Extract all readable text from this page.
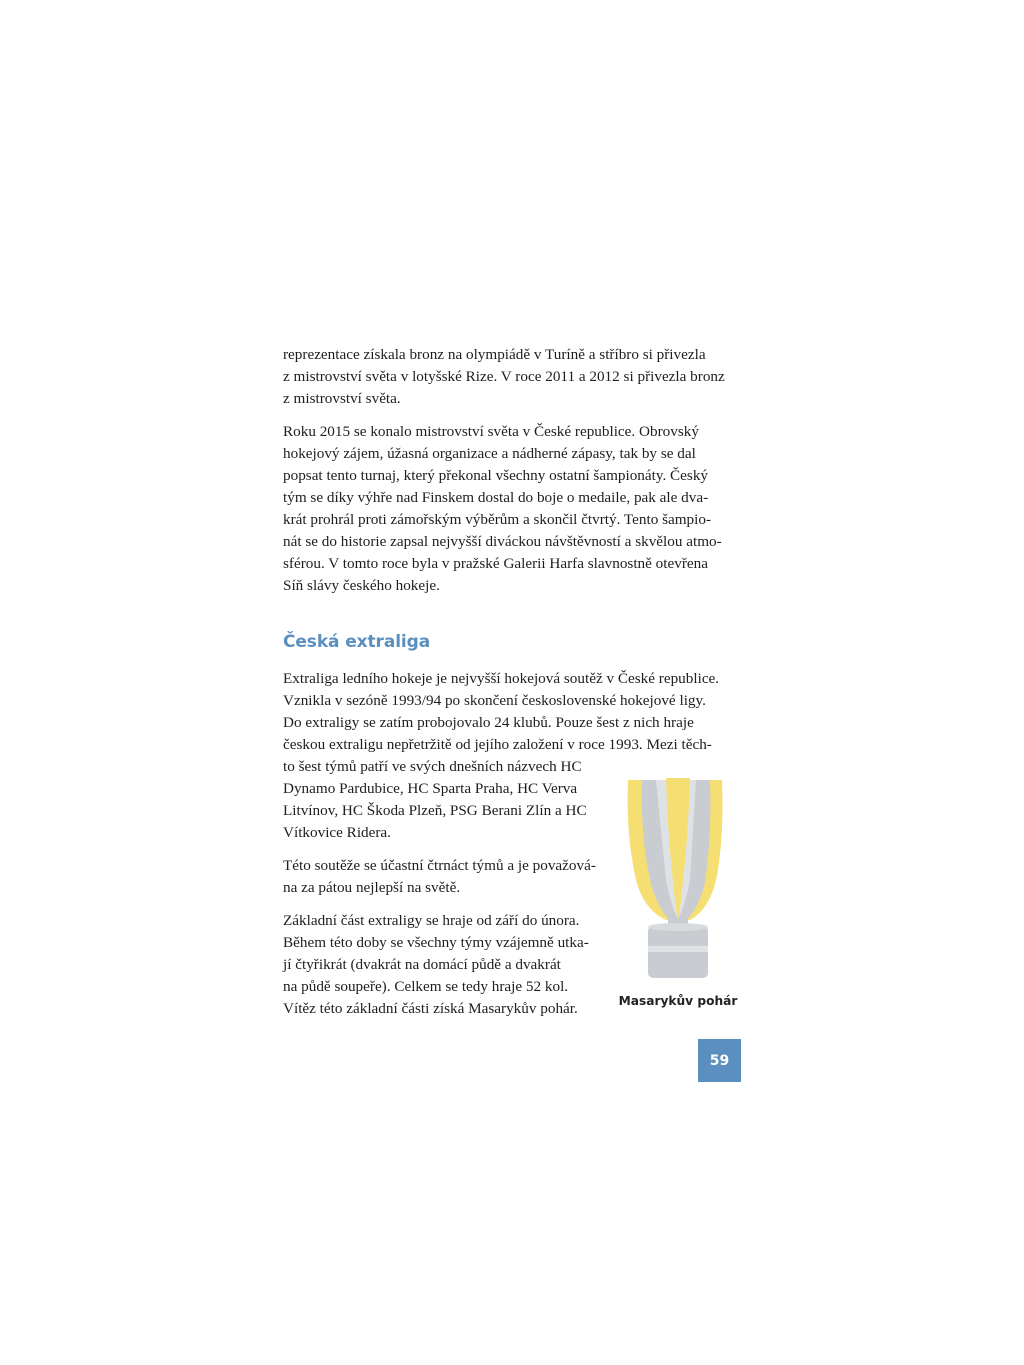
reprezentace získala bronz na olympiádě v Turíně a stříbro si přivezla
z mistrovství světa v lotyšské Rize. V roce 2011 a 2012 si přivezla bronz
z mistrovství světa.

Roku 2015 se konalo mistrovství světa v České republice. Obrovský
hokejový zájem, úžasná organizace a nádherné zápasy, tak by se dal
popsat tento turnaj, který překonal všechny ostatní šampionáty. Český
tým se díky výhře nad Finskem dostal do boje o medaile, pak ale dva-
krát prohrál proti zámořským výběrům a skončil čtvrtý. Tento šampio-
nát se do historie zapsal nejvyšší diváckou návštěvností a skvělou atmo-
sférou. V tomto roce byla v pražské Galerii Harfa slavnostně otevřena
Síň slávy českého hokeje.

Česká extraliga

Extraliga ledního hokeje je nejvyšší hokejová soutěž v České republice.
Vznikla v sezóně 1993/94 po skončení československé hokejové ligy.
Do extraligy se zatím probojovalo 24 klubů. Pouze šest z nich hraje
českou extraligu nepřetržitě od jejího založení v roce 1993. Mezi těch-
to šest týmů patří ve svých dnešních názvech HC
Dynamo Pardubice, HC Sparta Praha, HC Verva
Litvínov, HC Škoda Plzeň, PSG Berani Zlín a HC
Vítkovice Ridera.

Této soutěže se účastní čtrnáct týmů a je považová-
na za pátou nejlepší na světě.

Základní část extraligy se hraje od září do února.
Během této doby se všechny týmy vzájemně utka-
jí čtyřikrát (dvakrát na domácí půdě a dvakrát
na půdě soupeře). Celkem se tedy hraje 52 kol.
Vítěz této základní části získá Masarykův pohár.	Masarykův pohár
59
